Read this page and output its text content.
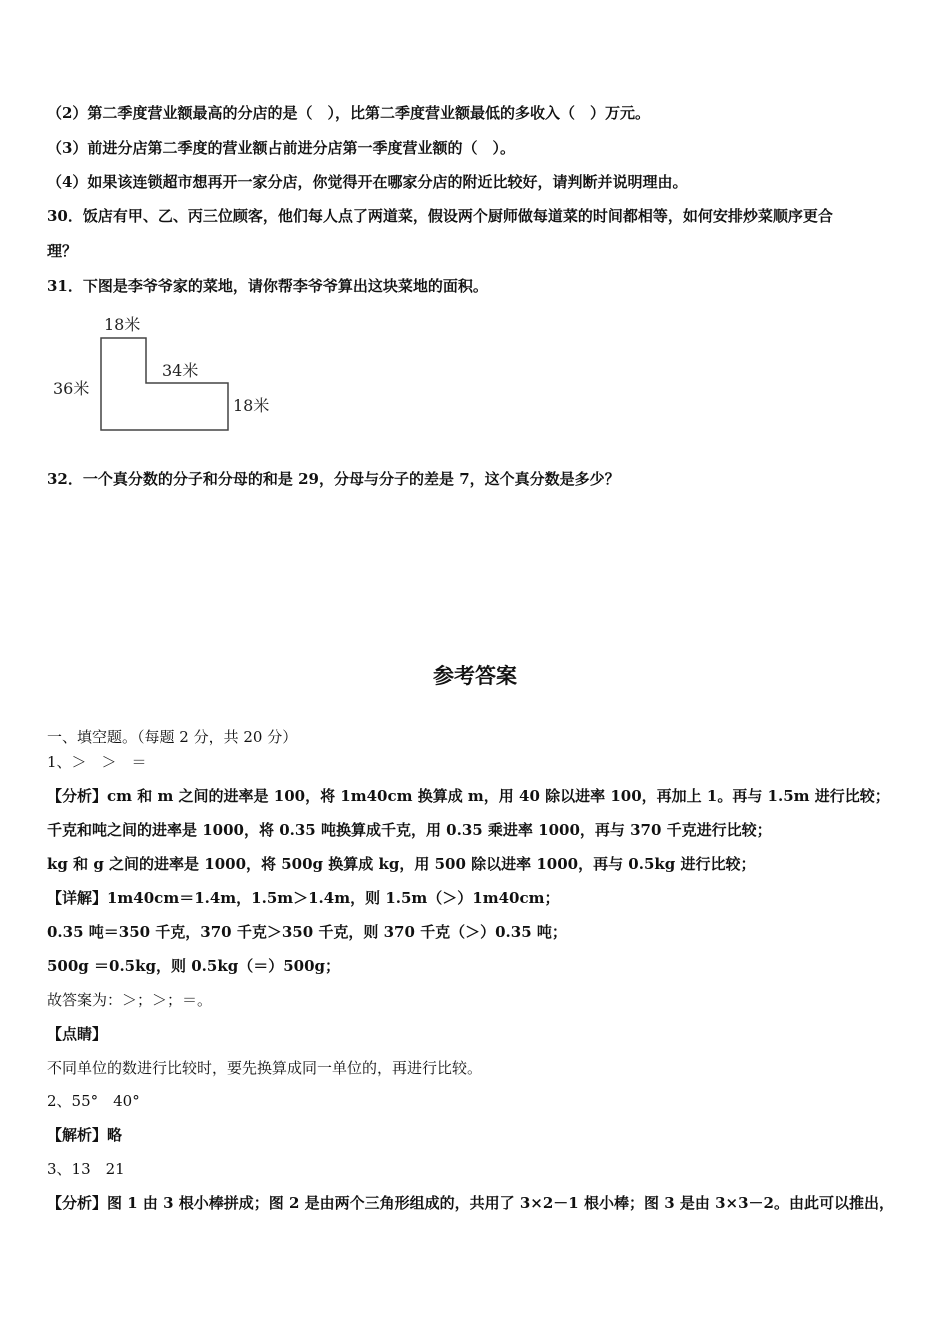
（2）第二季度营业额最高的分店的是（　），比第二季度营业额最低的多收入（　）万元。
（3）前进分店第二季度的营业额占前进分店第一季度营业额的（　）。
（4）如果该连锁超市想再开一家分店，你觉得开在哪家分店的附近比较好，请判断并说明理由。
30．饭店有甲、乙、丙三位顾客，他们每人点了两道菜，假设两个厨师做每道菜的时间都相等，如何安排炒菜顺序更合
理？
31．下图是李爷爷家的菜地，请你帮李爷爷算出这块菜地的面积。
18米
36米
34米
18米
32．一个真分数的分子和分母的和是 29，分母与分子的差是 7，这个真分数是多少？
参考答案
一、填空题。（每题 2 分，共 20 分）
1、＞　＞　＝
【分析】cm 和 m 之间的进率是 100，将 1m40cm 换算成 m，用 40 除以进率 100，再加上 1。再与 1.5m 进行比较；
千克和吨之间的进率是 1000，将 0.35 吨换算成千克，用 0.35 乘进率 1000，再与 370 千克进行比较；
kg 和 g 之间的进率是 1000，将 500g 换算成 kg，用 500 除以进率 1000，再与 0.5kg 进行比较；
【详解】1m40cm＝1.4m，1.5m＞1.4m，则 1.5m（＞）1m40cm；
0.35 吨＝350 千克，370 千克＞350 千克，则 370 千克（＞）0.35 吨；
500g ＝0.5kg，则 0.5kg（＝）500g；
故答案为：＞；＞；＝。
【点睛】
不同单位的数进行比较时，要先换算成同一单位的，再进行比较。
2、55°　40°
【解析】略
3、13　21
【分析】图 1 由 3 根小棒拼成；图 2 是由两个三角形组成的，共用了 3×2－1 根小棒；图 3 是由 3×3－2。由此可以推出，
